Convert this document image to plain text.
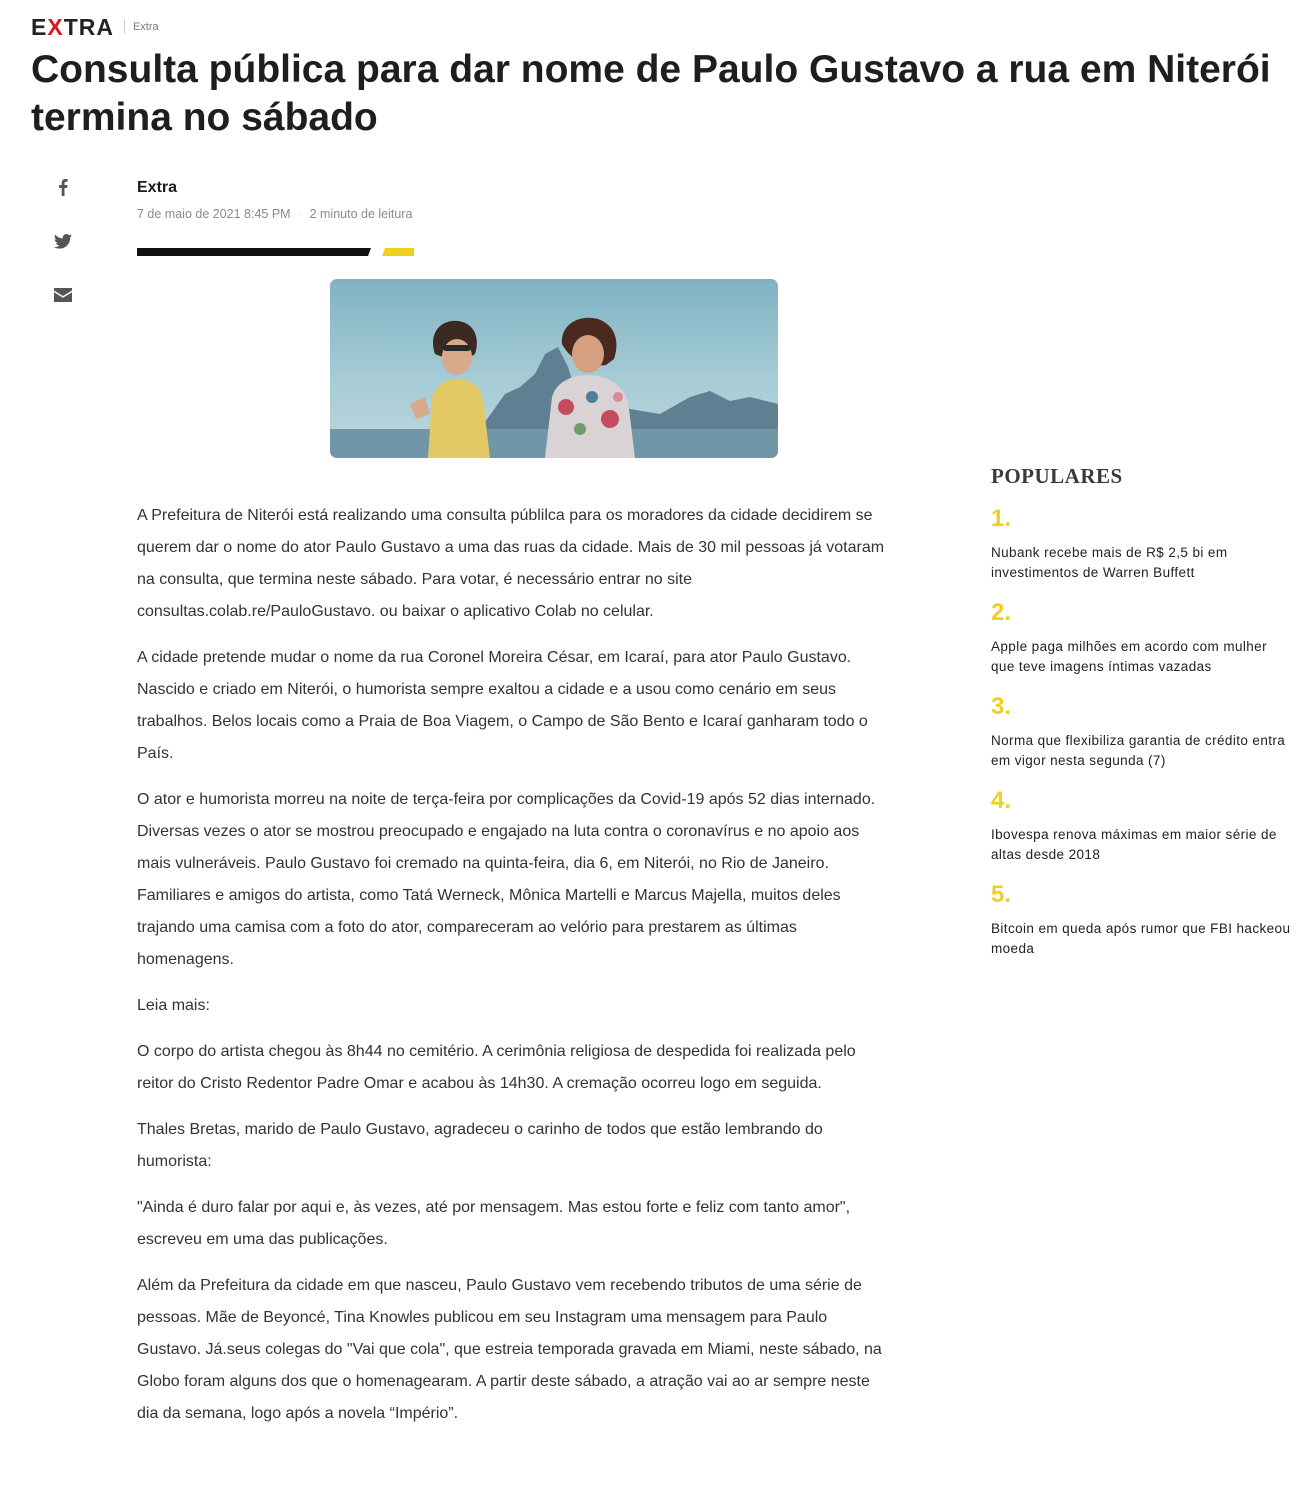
E X TRA Extra
Consulta pública para dar nome de Paulo Gustavo a rua em Niterói termina no sábado
Extra
7 de maio de 2021 8:45 PM · 2 minuto de leitura

A Prefeitura de Niterói está realizando uma consulta públilca para os moradores da cidade decidirem se querem dar o nome do ator Paulo Gustavo a uma das ruas da cidade. Mais de 30 mil pessoas já votaram na consulta, que termina neste sábado. Para votar, é necessário entrar no site consultas.colab.re/PauloGustavo. ou baixar o aplicativo Colab no celular.

A cidade pretende mudar o nome da rua Coronel Moreira César, em Icaraí, para ator Paulo Gustavo. Nascido e criado em Niterói, o humorista sempre exaltou a cidade e a usou como cenário em seus trabalhos. Belos locais como a Praia de Boa Viagem, o Campo de São Bento e Icaraí ganharam todo o País.

O ator e humorista morreu na noite de terça-feira por complicações da Covid-19 após 52 dias internado. Diversas vezes o ator se mostrou preocupado e engajado na luta contra o coronavírus e no apoio aos mais vulneráveis. Paulo Gustavo foi cremado na quinta-feira, dia 6, em Niterói, no Rio de Janeiro. Familiares e amigos do artista, como Tatá Werneck, Mônica Martelli e Marcus Majella, muitos deles trajando uma camisa com a foto do ator, compareceram ao velório para prestarem as últimas homenagens.

Leia mais:

O corpo do artista chegou às 8h44 no cemitério. A cerimônia religiosa de despedida foi realizada pelo reitor do Cristo Redentor Padre Omar e acabou às 14h30. A cremação ocorreu logo em seguida.

Thales Bretas, marido de Paulo Gustavo, agradeceu o carinho de todos que estão lembrando do humorista:

"Ainda é duro falar por aqui e, às vezes, até por mensagem. Mas estou forte e feliz com tanto amor", escreveu em uma das publicações.

Além da Prefeitura da cidade em que nasceu, Paulo Gustavo vem recebendo tributos de uma série de pessoas. Mãe de Beyoncé, Tina Knowles publicou em seu Instagram uma mensagem para Paulo Gustavo. Já.seus colegas do "Vai que cola", que estreia temporada gravada em Miami, neste sábado, na Globo foram alguns dos que o homenagearam. A partir deste sábado, a atração vai ao ar sempre neste dia da semana, logo após a novela “Império”.

POPULARES
1.
Nubank recebe mais de R$ 2,5 bi em investimentos de Warren Buffett
2.
Apple paga milhões em acordo com mulher que teve imagens íntimas vazadas
3.
Norma que flexibiliza garantia de crédito entra em vigor nesta segunda (7)
4.
Ibovespa renova máximas em maior série de altas desde 2018
5.
Bitcoin em queda após rumor que FBI hackeou moeda
